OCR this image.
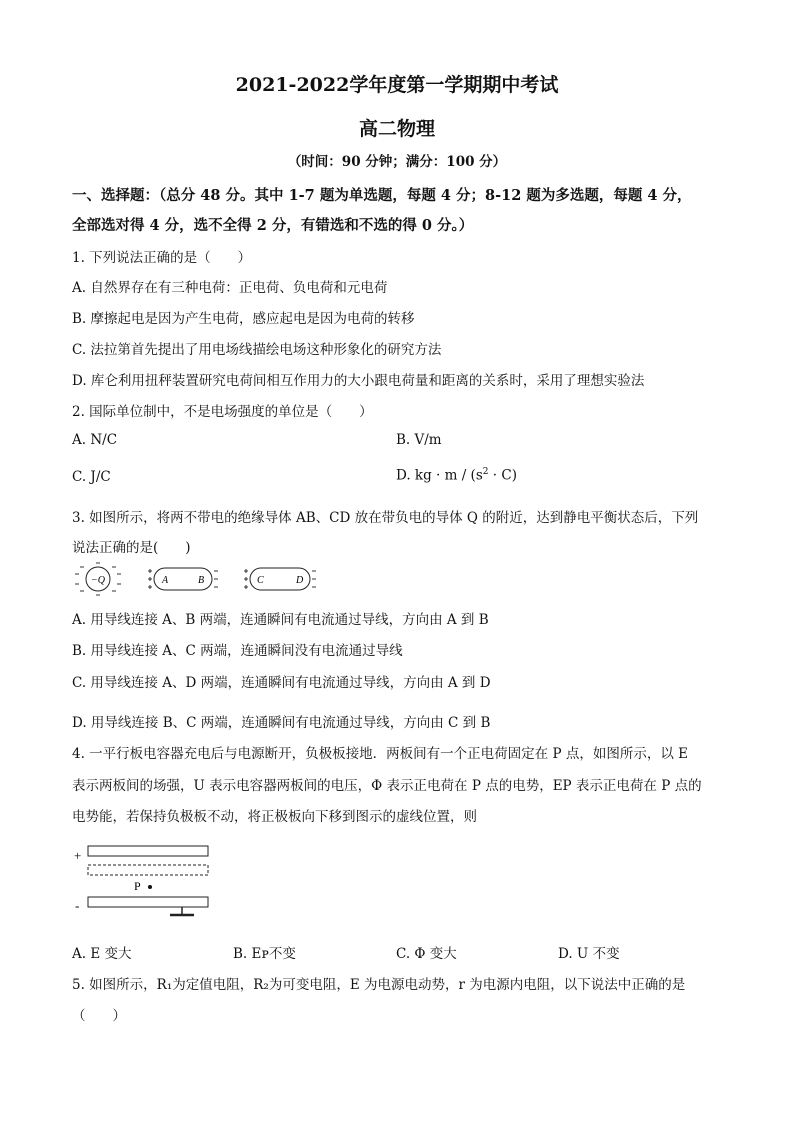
2021-2022学年度第一学期期中考试
高二物理
（时间：90 分钟；满分：100 分）
一、选择题：（总分 48 分。其中 1-7 题为单选题，每题 4 分；8-12 题为多选题，每题 4 分，
全部选对得 4 分，选不全得 2 分，有错选和不选的得 0 分。）
1. 下列说法正确的是（　　）
A. 自然界存在有三种电荷：正电荷、负电荷和元电荷
B. 摩擦起电是因为产生电荷，感应起电是因为电荷的转移
C. 法拉第首先提出了用电场线描绘电场这种形象化的研究方法
D. 库仑利用扭秤装置研究电荷间相互作用力的大小跟电荷量和距离的关系时，采用了理想实验法
2. 国际单位制中，不是电场强度的单位是（　　）
A. N/C	B. V/m
C. J/C	D. kg · $m / (s^2 \cdot C)$
3. 如图所示，将两不带电的绝缘导体 AB、CD 放在带负电的导体 Q 的附近，达到静电平衡状态后，下列
说法正确的是(　　)
−Q	A	B	C	D
A. 用导线连接 A、B 两端，连通瞬间有电流通过导线，方向由 A 到 B
B. 用导线连接 A、C 两端，连通瞬间没有电流通过导线
C. 用导线连接 A、D 两端，连通瞬间有电流通过导线，方向由 A 到 D
D. 用导线连接 B、C 两端，连通瞬间有电流通过导线，方向由 C 到 B
4. 一平行板电容器充电后与电源断开，负极板接地．两板间有一个正电荷固定在 P 点，如图所示，以 E
表示两板间的场强，U 表示电容器两板间的电压，Φ 表示正电荷在 P 点的电势，EP 表示正电荷在 P 点的
电势能，若保持负极板不动，将正极板向下移到图示的虚线位置，则
+
P
-
A. E 变大	B. Eᴘ不变	C. Φ 变大	D. U 不变
5. 如图所示，R₁为定值电阻，R₂为可变电阻，E 为电源电动势，r 为电源内电阻，以下说法中正确的是
（　　）
